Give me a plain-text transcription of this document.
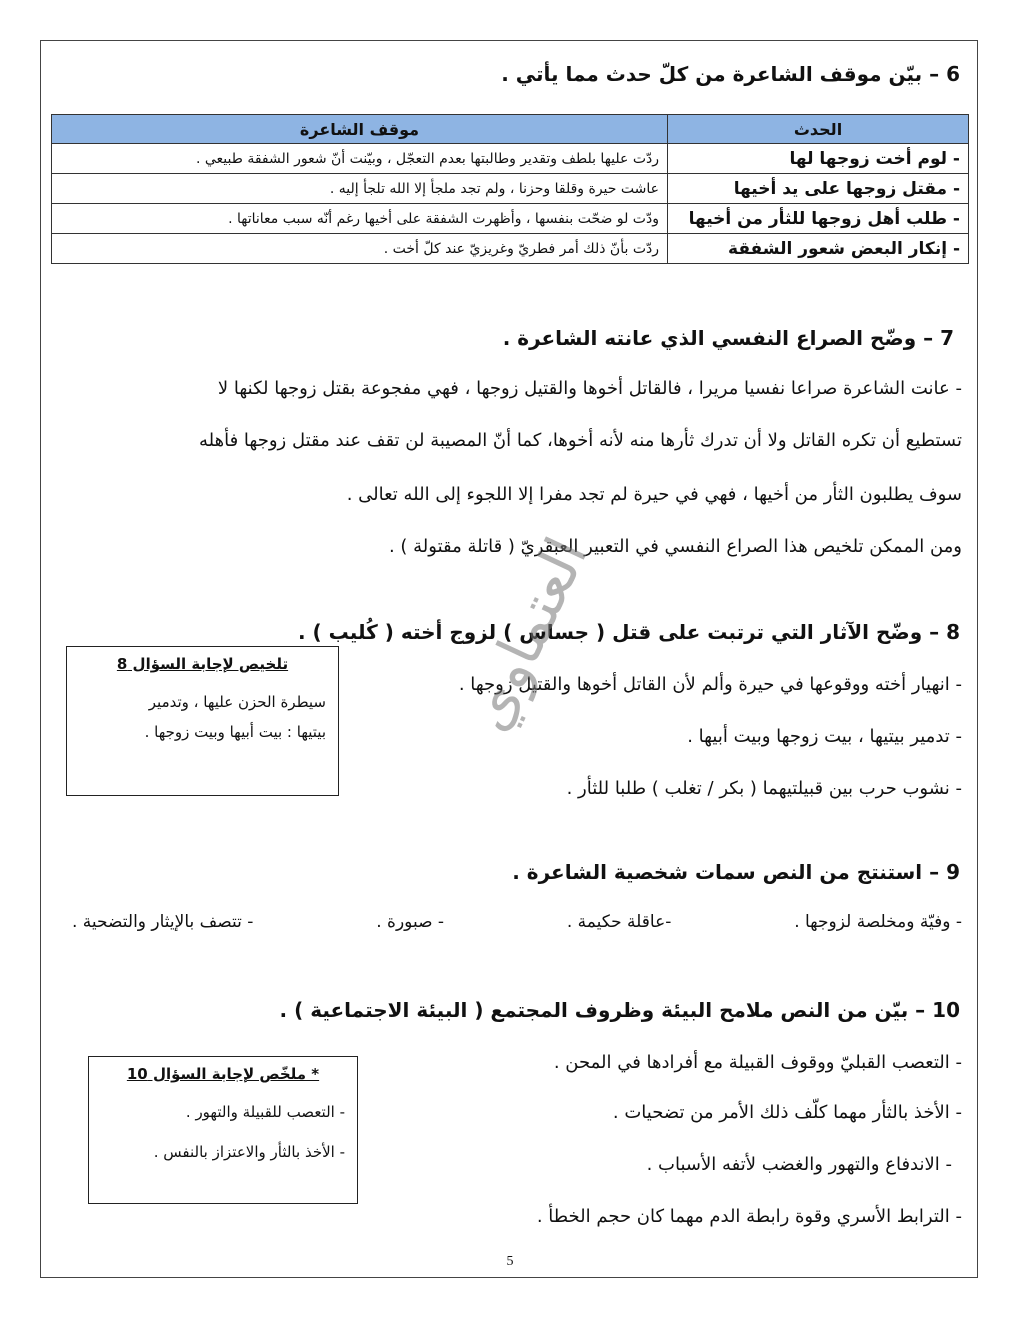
6 – بيّن موقف الشاعرة من كلّ حدث مما يأتي .
الحدث	موقف الشاعرة
- لوم أخت زوجها لها	ردّت عليها بلطف وتقدير وطالبتها بعدم التعجّل ، وبيّنت أنّ شعور الشفقة طبيعي .
- مقتل زوجها على يد أخيها	عاشت حيرة وقلقا وحزنا ، ولم تجد ملجأ إلا الله تلجأ إليه .
- طلب أهل زوجها للثأر من أخيها	ودّت لو ضحّت بنفسها ، وأظهرت الشفقة على أخيها رغم أنّه سبب معاناتها .
- إنكار البعض شعور الشفقة	ردّت بأنّ ذلك أمر فطريّ وغريزيّ عند كلّ أخت .
7 – وضّح الصراع النفسي الذي عانته الشاعرة .
- عانت الشاعرة صراعا نفسيا مريرا ، فالقاتل أخوها والقتيل زوجها ، فهي مفجوعة بقتل زوجها لكنها لا
تستطيع أن تكره القاتل ولا أن تدرك ثأرها منه لأنه أخوها، كما أنّ المصيبة لن تقف عند مقتل زوجها فأهله
سوف يطلبون الثأر من أخيها ، فهي في حيرة لم تجد مفرا إلا اللجوء إلى الله تعالى .
ومن الممكن تلخيص هذا الصراع النفسي في التعبير العبقريّ ( قاتلة مقتولة ) .
8 – وضّح الآثار التي ترتبت على قتل ( جساس ) لزوج أخته ( كُليب ) .
- انهيار أخته ووقوعها في حيرة وألم لأن القاتل أخوها والقتيل زوجها .
- تدمير بيتيها ، بيت زوجها وبيت أبيها .
- نشوب حرب بين قبيلتيهما ( بكر / تغلب ) طلبا للثأر .
تلخيص لإجابة السؤال 8
سيطرة الحزن عليها ، وتدمير
بيتيها : بيت أبيها وبيت زوجها .
9 – استنتج من النص سمات شخصية الشاعرة .
- وفيّة ومخلصة لزوجها .
-عاقلة حكيمة .
- صبورة .
- تتصف بالإيثار والتضحية .
10 – بيّن من النص ملامح البيئة وظروف المجتمع ( البيئة الاجتماعية ) .
- التعصب القبليّ ووقوف القبيلة مع أفرادها في المحن .
- الأخذ بالثأر مهما كلّف ذلك الأمر من تضحيات .
- الاندفاع والتهور والغضب لأتفه الأسباب .
- الترابط الأسري وقوة رابطة الدم مهما كان حجم الخطأ .
* ملخّص لإجابة السؤال 10
- التعصب للقبيلة والتهور .
- الأخذ بالثأر والاعتزاز بالنفس .
العتماوي
5
